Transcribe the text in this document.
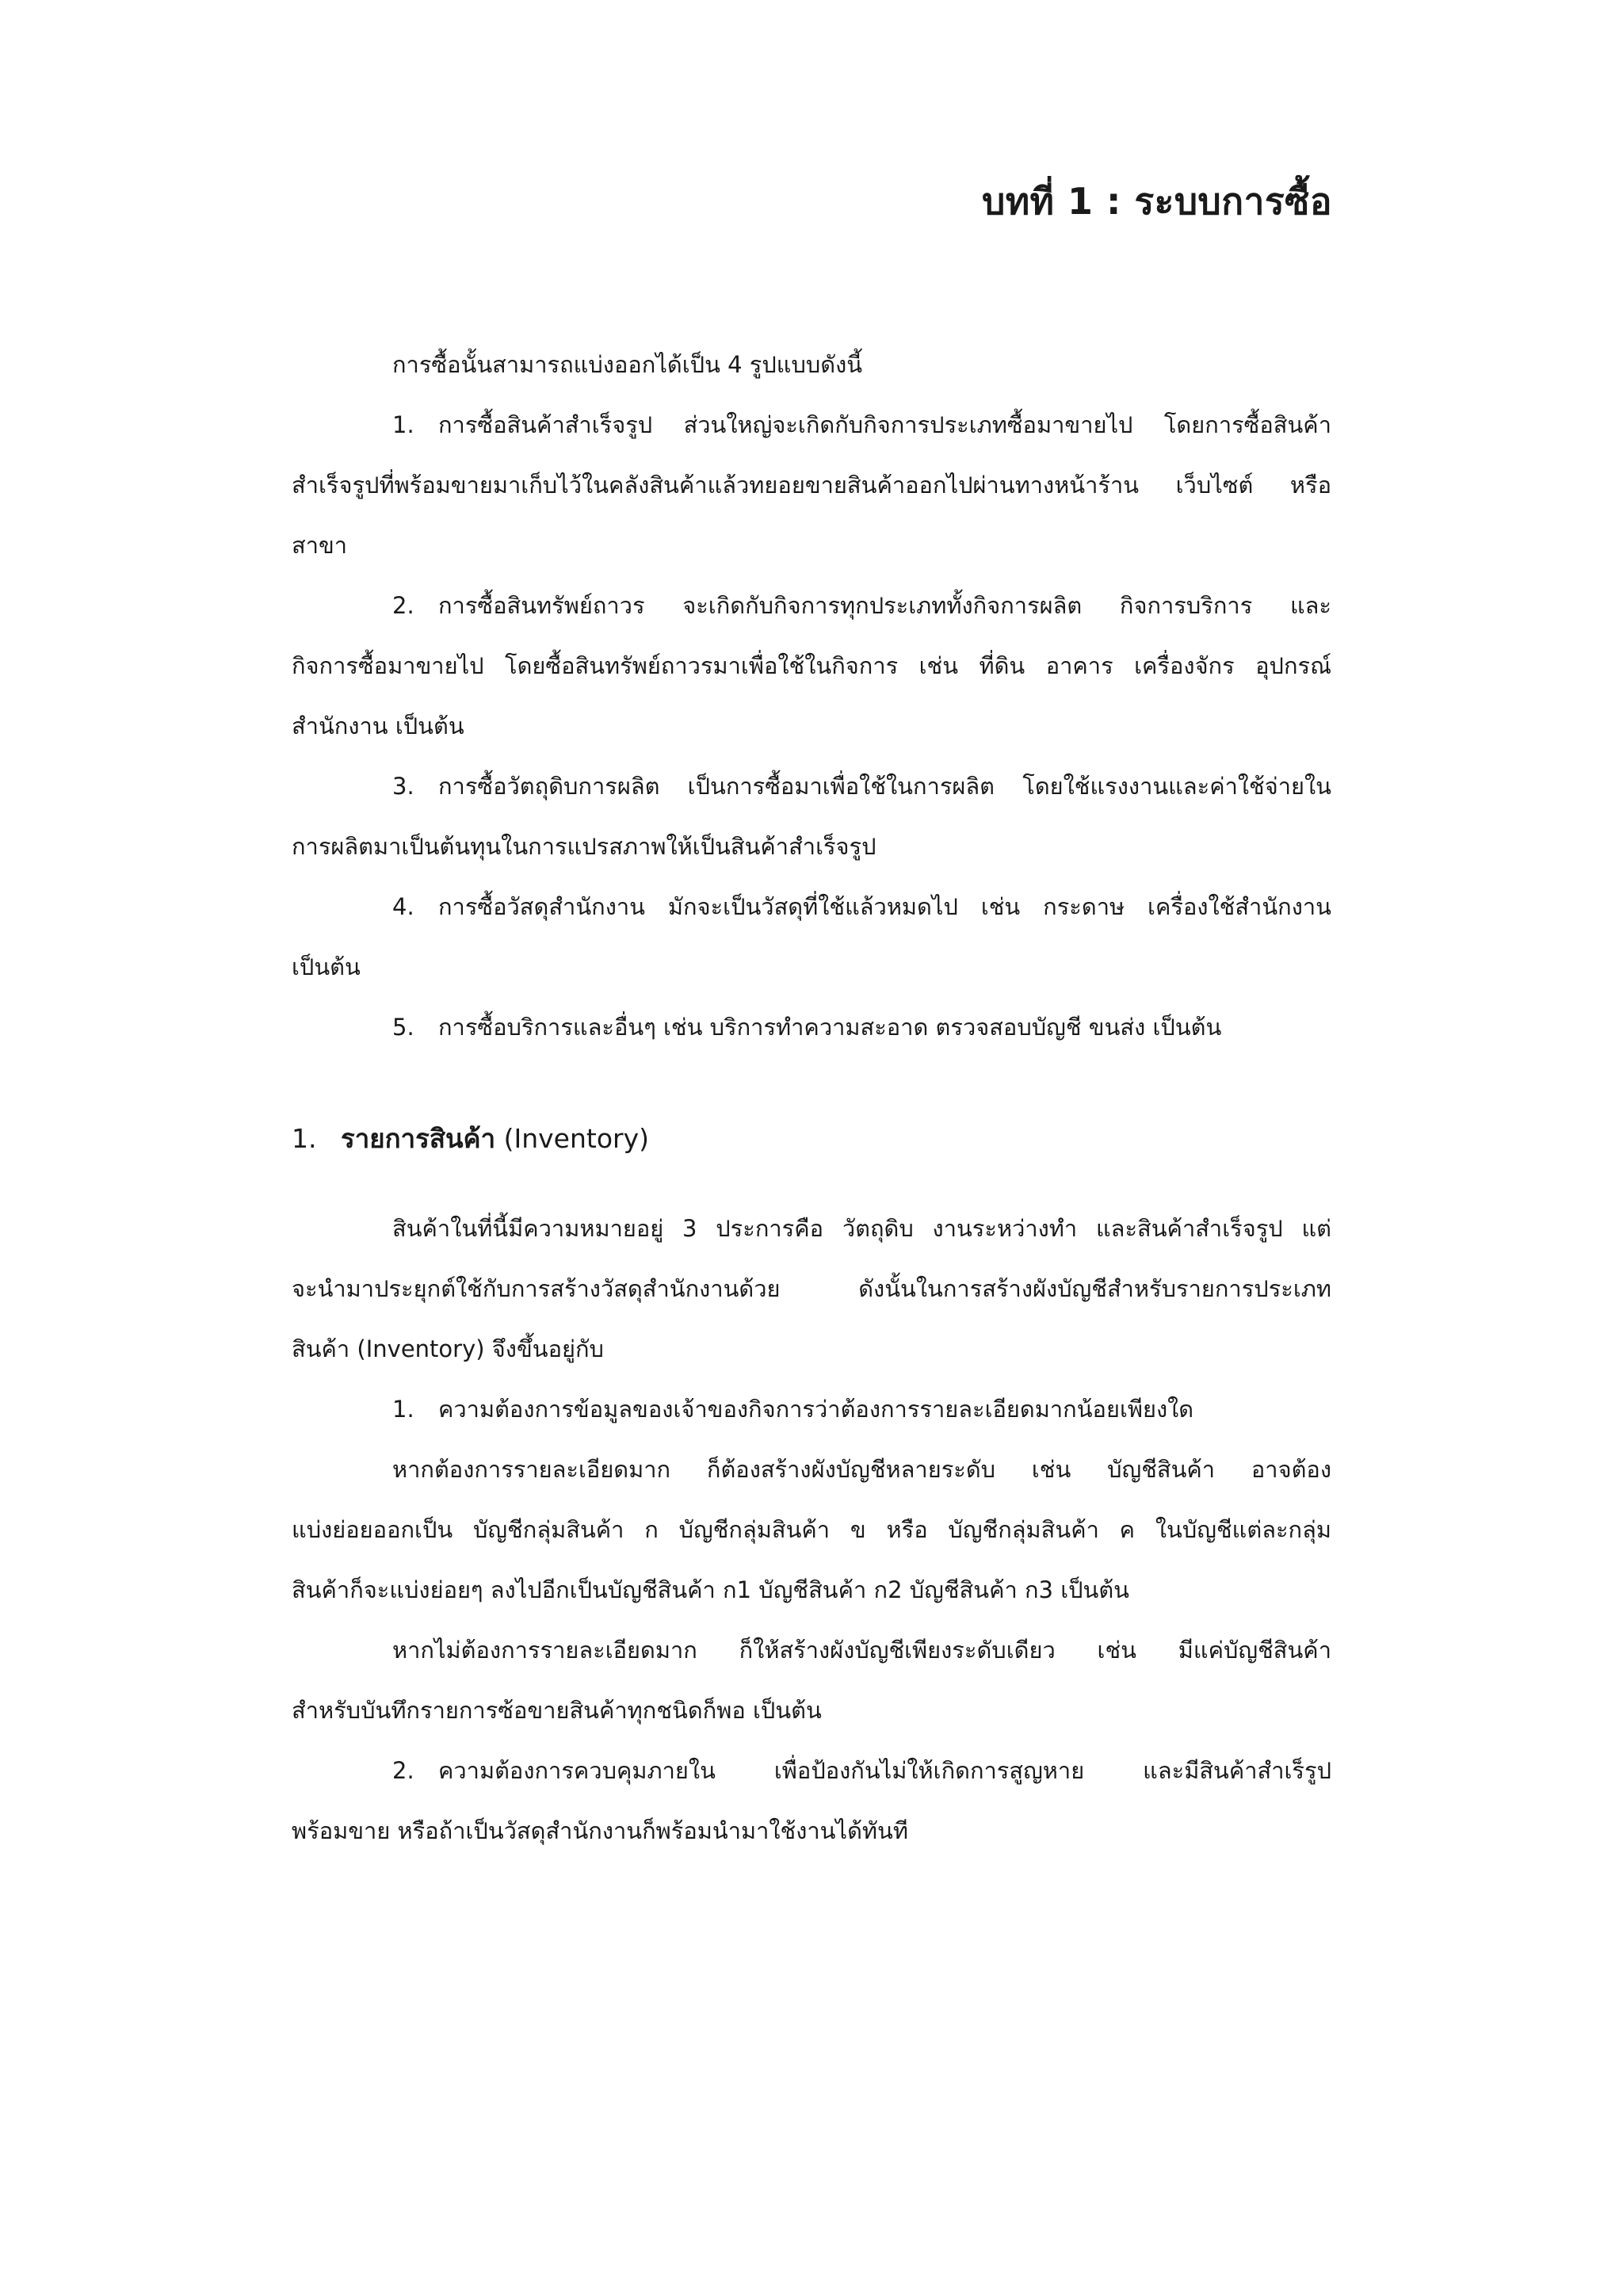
บทที่ 1 : ระบบการซื้อ
การซื้อนั้นสามารถแบ่งออกได้เป็น 4 รูปแบบดังนี้
1. การซื้อสินค้าสำเร็จรูป ส่วนใหญ่จะเกิดกับกิจการประเภทซื้อมาขายไป โดยการซื้อสินค้า
สำเร็จรูปที่พร้อมขายมาเก็บไว้ในคลังสินค้าแล้วทยอยขายสินค้าออกไปผ่านทางหน้าร้าน เว็บไซต์ หรือ
สาขา
2. การซื้อสินทรัพย์ถาวร จะเกิดกับกิจการทุกประเภททั้งกิจการผลิต กิจการบริการ และ
กิจการซื้อมาขายไป โดยซื้อสินทรัพย์ถาวรมาเพื่อใช้ในกิจการ เช่น ที่ดิน อาคาร เครื่องจักร อุปกรณ์
สำนักงาน เป็นต้น
3. การซื้อวัตถุดิบการผลิต เป็นการซื้อมาเพื่อใช้ในการผลิต โดยใช้แรงงานและค่าใช้จ่ายใน
การผลิตมาเป็นต้นทุนในการแปรสภาพให้เป็นสินค้าสำเร็จรูป
4. การซื้อวัสดุสำนักงาน มักจะเป็นวัสดุที่ใช้แล้วหมดไป เช่น กระดาษ เครื่องใช้สำนักงาน
เป็นต้น
5. การซื้อบริการและอื่นๆ เช่น บริการทำความสะอาด ตรวจสอบบัญชี ขนส่ง เป็นต้น
1. รายการสินค้า (Inventory)
สินค้าในที่นี้มีความหมายอยู่ 3 ประการคือ วัตถุดิบ งานระหว่างทำ และสินค้าสำเร็จรูป แต่
จะนำมาประยุกต์ใช้กับการสร้างวัสดุสำนักงานด้วย ดังนั้นในการสร้างผังบัญชีสำหรับรายการประเภท
สินค้า (Inventory) จึงขึ้นอยู่กับ
1. ความต้องการข้อมูลของเจ้าของกิจการว่าต้องการรายละเอียดมากน้อยเพียงใด
หากต้องการรายละเอียดมาก ก็ต้องสร้างผังบัญชีหลายระดับ เช่น บัญชีสินค้า อาจต้อง
แบ่งย่อยออกเป็น บัญชีกลุ่มสินค้า ก บัญชีกลุ่มสินค้า ข หรือ บัญชีกลุ่มสินค้า ค ในบัญชีแต่ละกลุ่ม
สินค้าก็จะแบ่งย่อยๆ ลงไปอีกเป็นบัญชีสินค้า ก1 บัญชีสินค้า ก2 บัญชีสินค้า ก3 เป็นต้น
หากไม่ต้องการรายละเอียดมาก ก็ให้สร้างผังบัญชีเพียงระดับเดียว เช่น มีแค่บัญชีสินค้า
สำหรับบันทึกรายการซ้อขายสินค้าทุกชนิดก็พอ เป็นต้น
2. ความต้องการควบคุมภายใน เพื่อป้องกันไม่ให้เกิดการสูญหาย และมีสินค้าสำเร็รูป
พร้อมขาย หรือถ้าเป็นวัสดุสำนักงานก็พร้อมนำมาใช้งานได้ทันที
